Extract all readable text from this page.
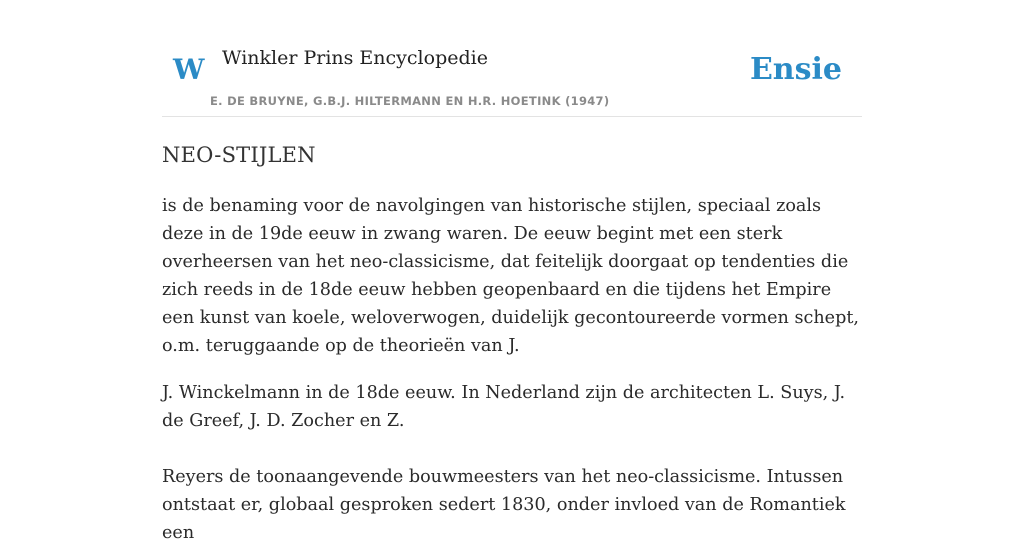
W Winkler Prins Encyclopedie
E. DE BRUYNE, G.B.J. HILTERMANN EN H.R. HOETINK (1947)
Ensie
NEO-STIJLEN

is de benaming voor de navolgingen van historische stijlen, speciaal zoals deze in de 19de eeuw in zwang waren. De eeuw begint met een sterk overheersen van het neo-classicisme, dat feitelijk doorgaat op tendenties die zich reeds in de 18de eeuw hebben geopenbaard en die tijdens het Empire een kunst van koele, weloverwogen, duidelijk gecontoureerde vormen schept, o.m. teruggaande op de theorieën van J.

J. Winckelmann in de 18de eeuw. In Nederland zijn de architecten L. Suys, J. de Greef, J. D. Zocher en Z.

Reyers de toonaangevende bouwmeesters van het neo-classicisme. Intussen ontstaat er, globaal gesproken sedert 1830, onder invloed van de Romantiek een
